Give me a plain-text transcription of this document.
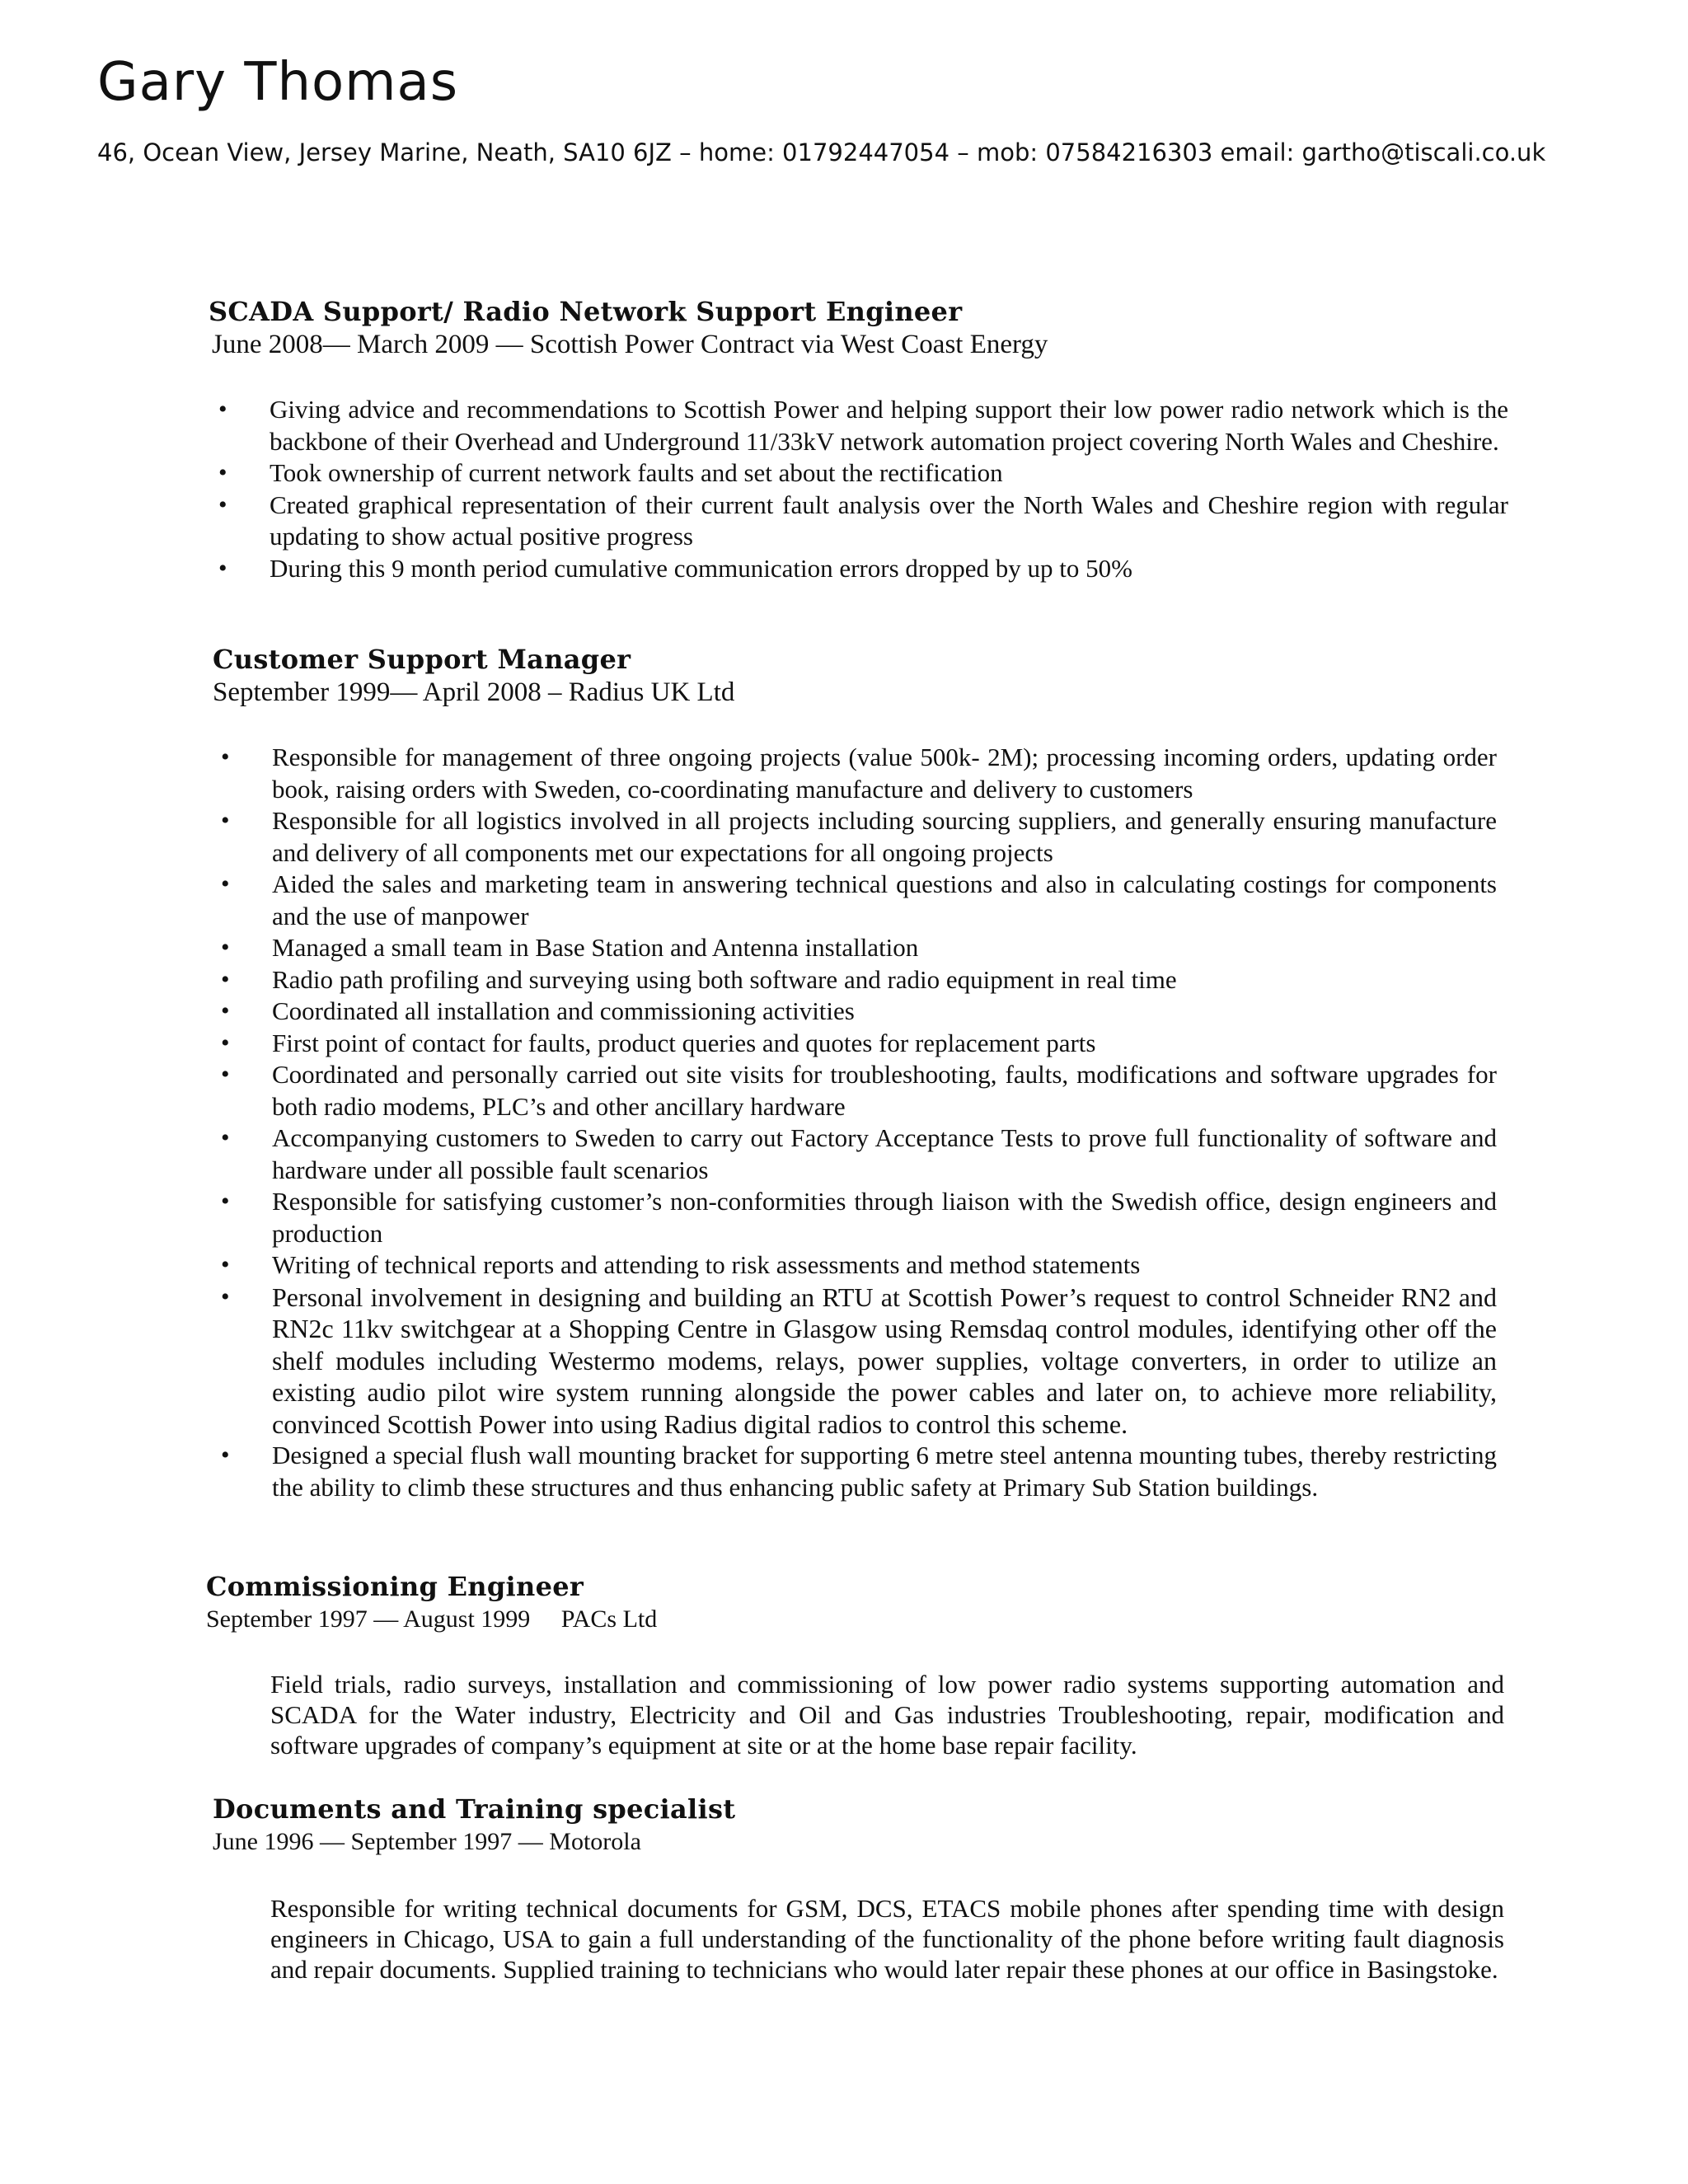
Gary Thomas

46, Ocean View, Jersey Marine, Neath, SA10 6JZ – home: 01792447054 – mob: 07584216303 email: gartho@tiscali.co.uk

SCADA Support/ Radio Network Support Engineer

June 2008— March 2009 — Scottish Power Contract via West Coast Energy

• Giving advice and recommendations to Scottish Power and helping support their low power radio network which is the backbone of their Overhead and Underground 11/33kV network automation project covering North Wales and Cheshire.
• Took ownership of current network faults and set about the rectification
• Created graphical representation of their current fault analysis over the North Wales and Cheshire region with regular updating to show actual positive progress
• During this 9 month period cumulative communication errors dropped by up to 50%
Customer Support Manager

September 1999— April 2008 – Radius UK Ltd

• Responsible for management of three ongoing projects (value 500k- 2M); processing incoming orders, updating order book, raising orders with Sweden, co-coordinating manufacture and delivery to customers
• Responsible for all logistics involved in all projects including sourcing suppliers, and generally ensuring manufacture and delivery of all components met our expectations for all ongoing projects
• Aided the sales and marketing team in answering technical questions and also in calculating costings for components and the use of manpower
• Managed a small team in Base Station and Antenna installation
• Radio path profiling and surveying using both software and radio equipment in real time
• Coordinated all installation and commissioning activities
• First point of contact for faults, product queries and quotes for replacement parts
• Coordinated and personally carried out site visits for troubleshooting, faults, modifications and software upgrades for both radio modems, PLC’s and other ancillary hardware
• Accompanying customers to Sweden to carry out Factory Acceptance Tests to prove full functionality of software and hardware under all possible fault scenarios
• Responsible for satisfying customer’s non-conformities through liaison with the Swedish office, design engineers and production
• Writing of technical reports and attending to risk assessments and method statements
• Personal involvement in designing and building an RTU at Scottish Power’s request to control Schneider RN2 and RN2c 11kv switchgear at a Shopping Centre in Glasgow using Remsdaq control modules, identifying other off the shelf modules including Westermo modems, relays, power supplies, voltage converters, in order to utilize an existing audio pilot wire system running alongside the power cables and later on, to achieve more reliability, convinced Scottish Power into using Radius digital radios to control this scheme.
• Designed a special flush wall mounting bracket for supporting 6 metre steel antenna mounting tubes, thereby restricting the ability to climb these structures and thus enhancing public safety at Primary Sub Station buildings.
Commissioning Engineer

September 1997 — August 1999     PACs Ltd

Field trials, radio surveys, installation and commissioning of low power radio systems supporting automation and SCADA for the Water industry, Electricity and Oil and Gas industries Troubleshooting, repair, modification and software upgrades of company’s equipment at site or at the home base repair facility.

Documents and Training specialist

June 1996 — September 1997 — Motorola

Responsible for writing technical documents for GSM, DCS, ETACS mobile phones after spending time with design engineers in Chicago, USA to gain a full understanding of the functionality of the phone before writing fault diagnosis and repair documents. Supplied training to technicians who would later repair these phones at our office in Basingstoke.
